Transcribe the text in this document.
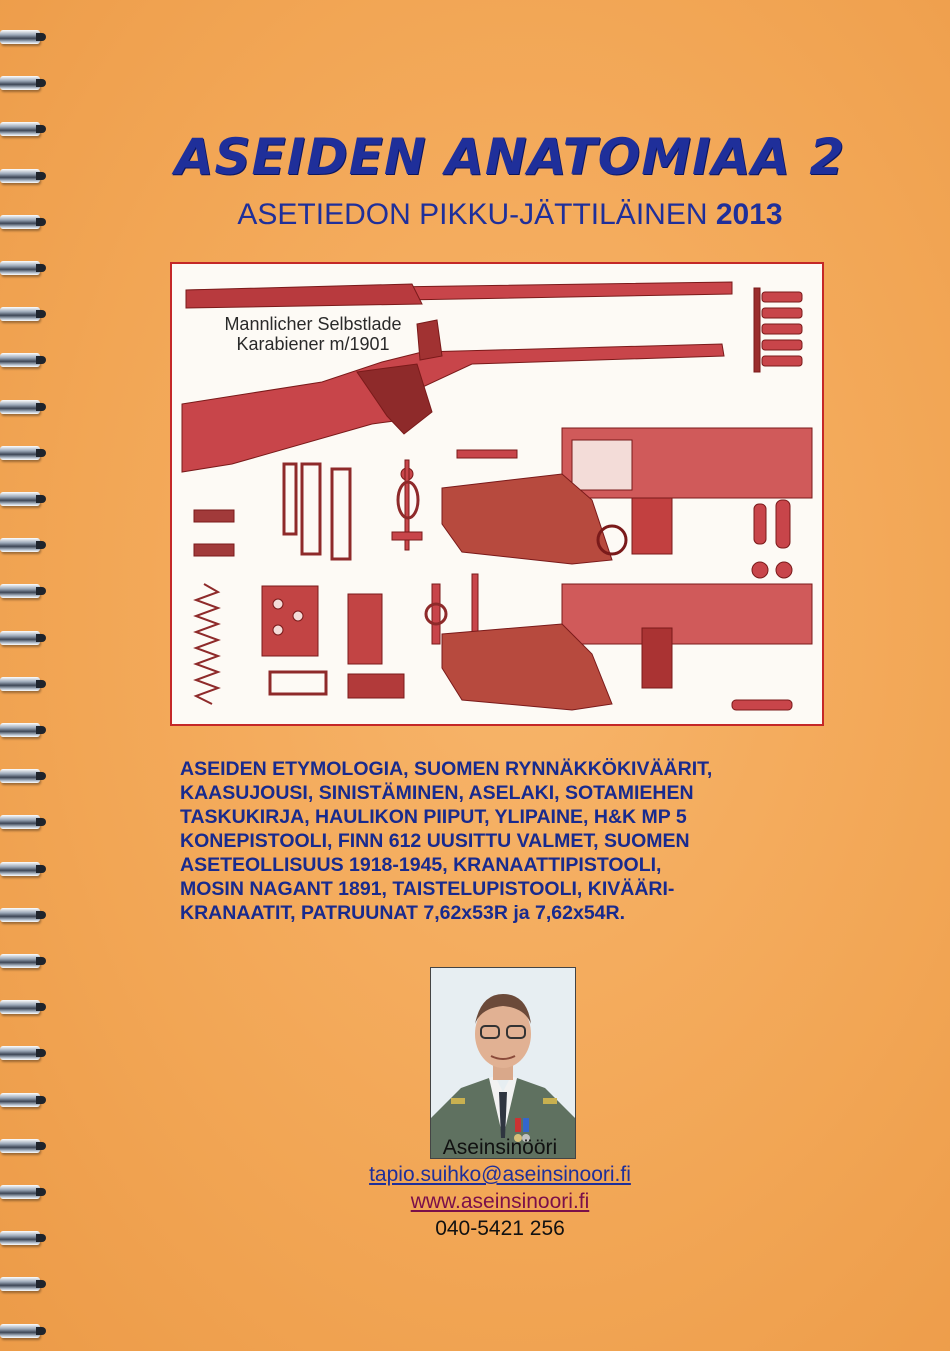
ASEIDEN ANATOMIAA 2
ASETIEDON PIKKU-JÄTTILÄINEN 2013
Mannlicher Selbstlade
Karabiener m/1901
ASEIDEN ETYMOLOGIA, SUOMEN RYNNÄKKÖKIVÄÄRIT,
KAASUJOUSI, SINISTÄMINEN, ASELAKI, SOTAMIEHEN
TASKUKIRJA, HAULIKON PIIPUT, YLIPAINE, H&K MP 5
KONEPISTOOLI, FINN 612 UUSITTU VALMET, SUOMEN
ASETEOLLISUUS 1918-1945, KRANAATTIPISTOOLI,
MOSIN NAGANT 1891, TAISTELUPISTOOLI, KIVÄÄRI-
KRANAATIT, PATRUUNAT 7,62x53R ja 7,62x54R.
Aseinsinööri
tapio.suihko@aseinsinoori.fi
www.aseinsinoori.fi
040-5421 256
